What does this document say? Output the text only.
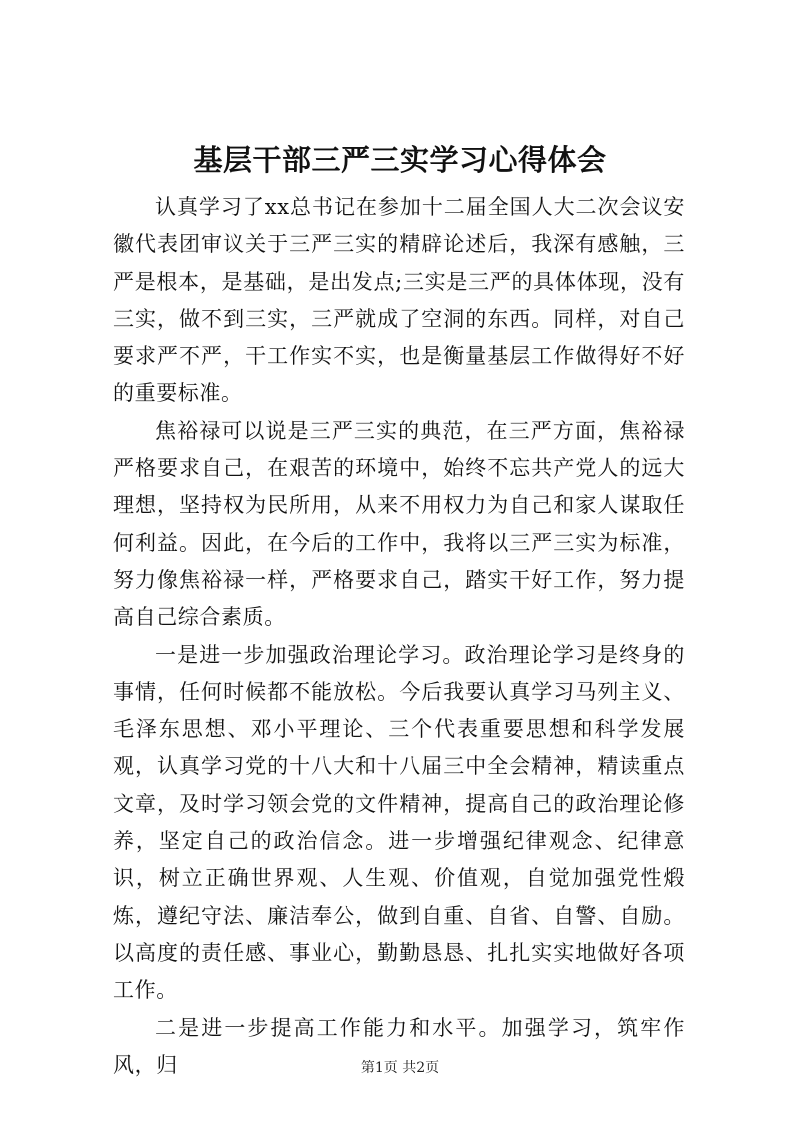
基层干部三严三实学习心得体会

认真学习了xx总书记在参加十二届全国人大二次会议安徽代表团审议关于三严三实的精辟论述后，我深有感触，三严是根本，是基础，是出发点;三实是三严的具体体现，没有三实，做不到三实，三严就成了空洞的东西。同样，对自己要求严不严，干工作实不实，也是衡量基层工作做得好不好的重要标准。

焦裕禄可以说是三严三实的典范，在三严方面，焦裕禄严格要求自己，在艰苦的环境中，始终不忘共产党人的远大理想，坚持权为民所用，从来不用权力为自己和家人谋取任何利益。因此，在今后的工作中，我将以三严三实为标准，努力像焦裕禄一样，严格要求自己，踏实干好工作，努力提高自己综合素质。

一是进一步加强政治理论学习。政治理论学习是终身的事情，任何时候都不能放松。今后我要认真学习马列主义、毛泽东思想、邓小平理论、三个代表重要思想和科学发展观，认真学习党的十八大和十八届三中全会精神，精读重点文章，及时学习领会党的文件精神，提高自己的政治理论修养，坚定自己的政治信念。进一步增强纪律观念、纪律意识，树立正确世界观、人生观、价值观，自觉加强党性煅炼，遵纪守法、廉洁奉公，做到自重、自省、自警、自励。以高度的责任感、事业心，勤勤恳恳、扎扎实实地做好各项工作。

二是进一步提高工作能力和水平。加强学习，筑牢作风，归	第1页 共2页
